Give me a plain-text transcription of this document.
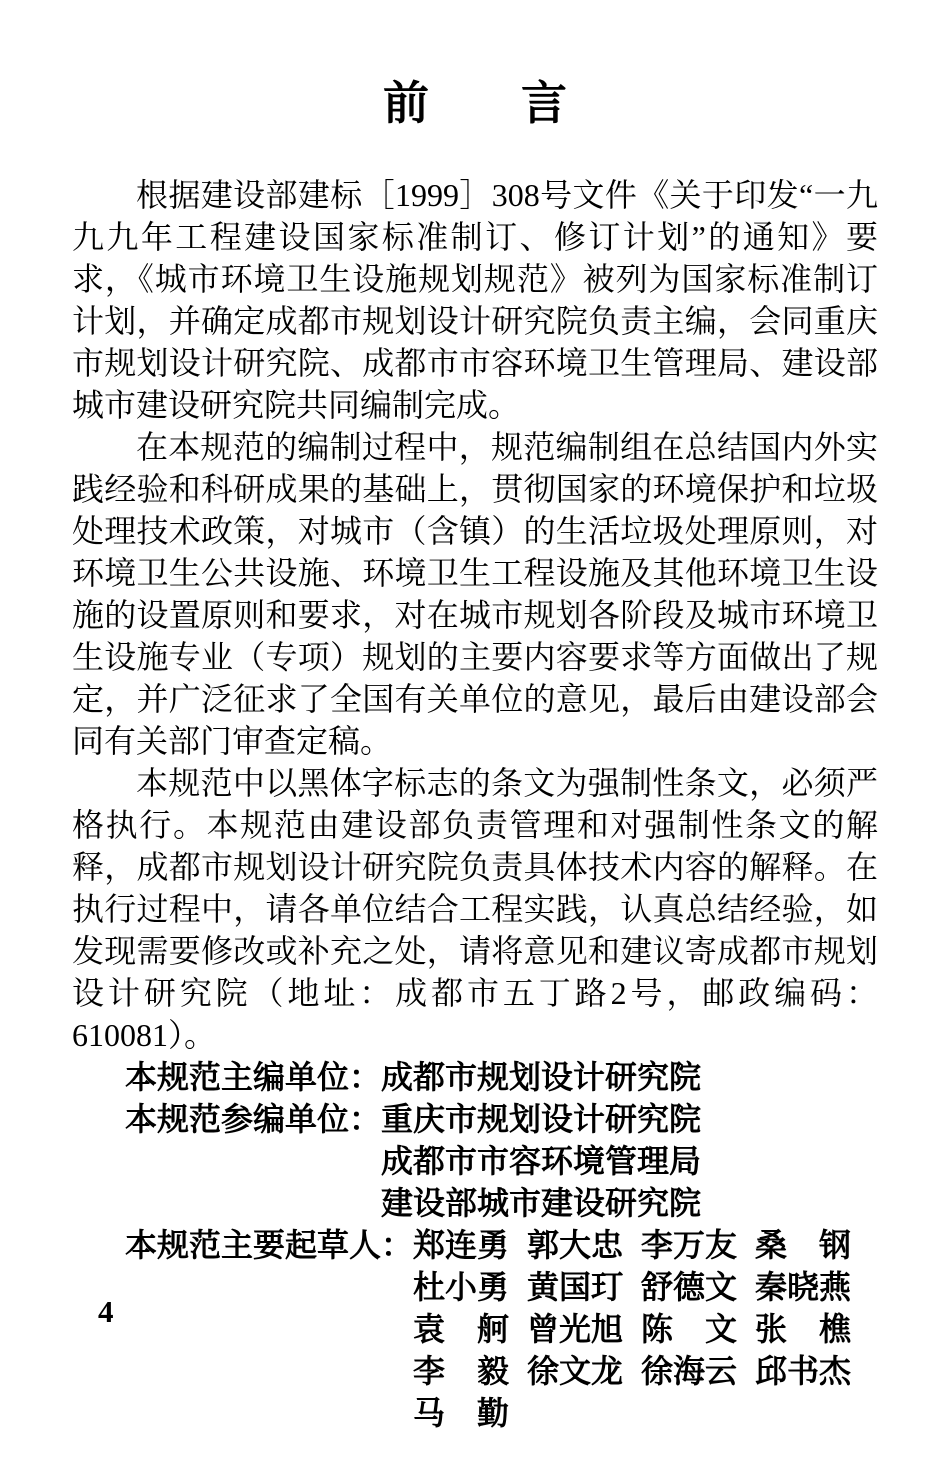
前　　言

根据建设部建标［1999］308号文件《关于印发“一九九九年工程建设国家标准制订、修订计划”的通知》要求，《城市环境卫生设施规划规范》被列为国家标准制订计划，并确定成都市规划设计研究院负责主编，会同重庆市规划设计研究院、成都市市容环境卫生管理局、建设部城市建设研究院共同编制完成。

在本规范的编制过程中，规范编制组在总结国内外实践经验和科研成果的基础上，贯彻国家的环境保护和垃圾处理技术政策，对城市（含镇）的生活垃圾处理原则，对环境卫生公共设施、环境卫生工程设施及其他环境卫生设施的设置原则和要求，对在城市规划各阶段及城市环境卫生设施专业（专项）规划的主要内容要求等方面做出了规定，并广泛征求了全国有关单位的意见，最后由建设部会同有关部门审查定稿。

本规范中以黑体字标志的条文为强制性条文，必须严格执行。本规范由建设部负责管理和对强制性条文的解释，成都市规划设计研究院负责具体技术内容的解释。在执行过程中，请各单位结合工程实践，认真总结经验，如发现需要修改或补充之处，请将意见和建议寄成都市规划设计研究院（地址：成都市五丁路2号，邮政编码：610081）。

本规范主编单位： 成都市规划设计研究院
本规范参编单位： 重庆市规划设计研究院
成都市市容环境管理局
建设部城市建设研究院
本规范主要起草人： 郑连勇 郭大忠 李万友 桑　钢
杜小勇 黄国玎 舒德文 秦晓燕
袁　舸 曾光旭 陈　文 张　樵
李　毅 徐文龙 徐海云 邱书杰
马　勤
4
